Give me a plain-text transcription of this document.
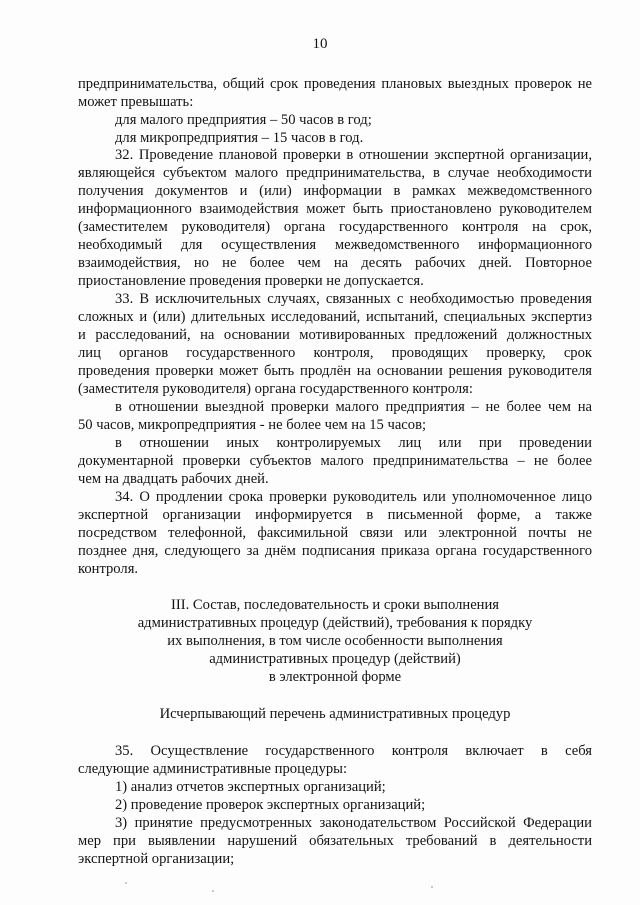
10
предпринимательства, общий срок проведения плановых выездных проверок не
может превышать:
для малого предприятия – 50 часов в год;
для микропредприятия – 15 часов в год.
32. Проведение плановой проверки в отношении экспертной организации,
являющейся субъектом малого предпринимательства, в случае необходимости
получения документов и (или) информации в рамках межведомственного
информационного взаимодействия может быть приостановлено руководителем
(заместителем руководителя) органа государственного контроля на срок,
необходимый для осуществления межведомственного информационного
взаимодействия, но не более чем на десять рабочих дней. Повторное
приостановление проведения проверки не допускается.
33. В исключительных случаях, связанных с необходимостью проведения
сложных и (или) длительных исследований, испытаний, специальных экспертиз
и расследований, на основании мотивированных предложений должностных
лиц органов государственного контроля, проводящих проверку, срок
проведения проверки может быть продлён на основании решения руководителя
(заместителя руководителя) органа государственного контроля:
в отношении выездной проверки малого предприятия – не более чем на
50 часов, микропредприятия - не более чем на 15 часов;
в отношении иных контролируемых лиц или при проведении
документарной проверки субъектов малого предпринимательства – не более
чем на двадцать рабочих дней.
34. О продлении срока проверки руководитель или уполномоченное лицо
экспертной организации информируется в письменной форме, а также
посредством телефонной, факсимильной связи или электронной почты не
позднее дня, следующего за днём подписания приказа органа государственного
контроля.
III. Состав, последовательность и сроки выполнения
административных процедур (действий), требования к порядку
их выполнения, в том числе особенности выполнения
административных процедур (действий)
в электронной форме
Исчерпывающий перечень административных процедур
35. Осуществление государственного контроля включает в себя
следующие административные процедуры:
1) анализ отчетов экспертных организаций;
2) проведение проверок экспертных организаций;
3) принятие предусмотренных законодательством Российской Федерации
мер при выявлении нарушений обязательных требований в деятельности
экспертной организации;
